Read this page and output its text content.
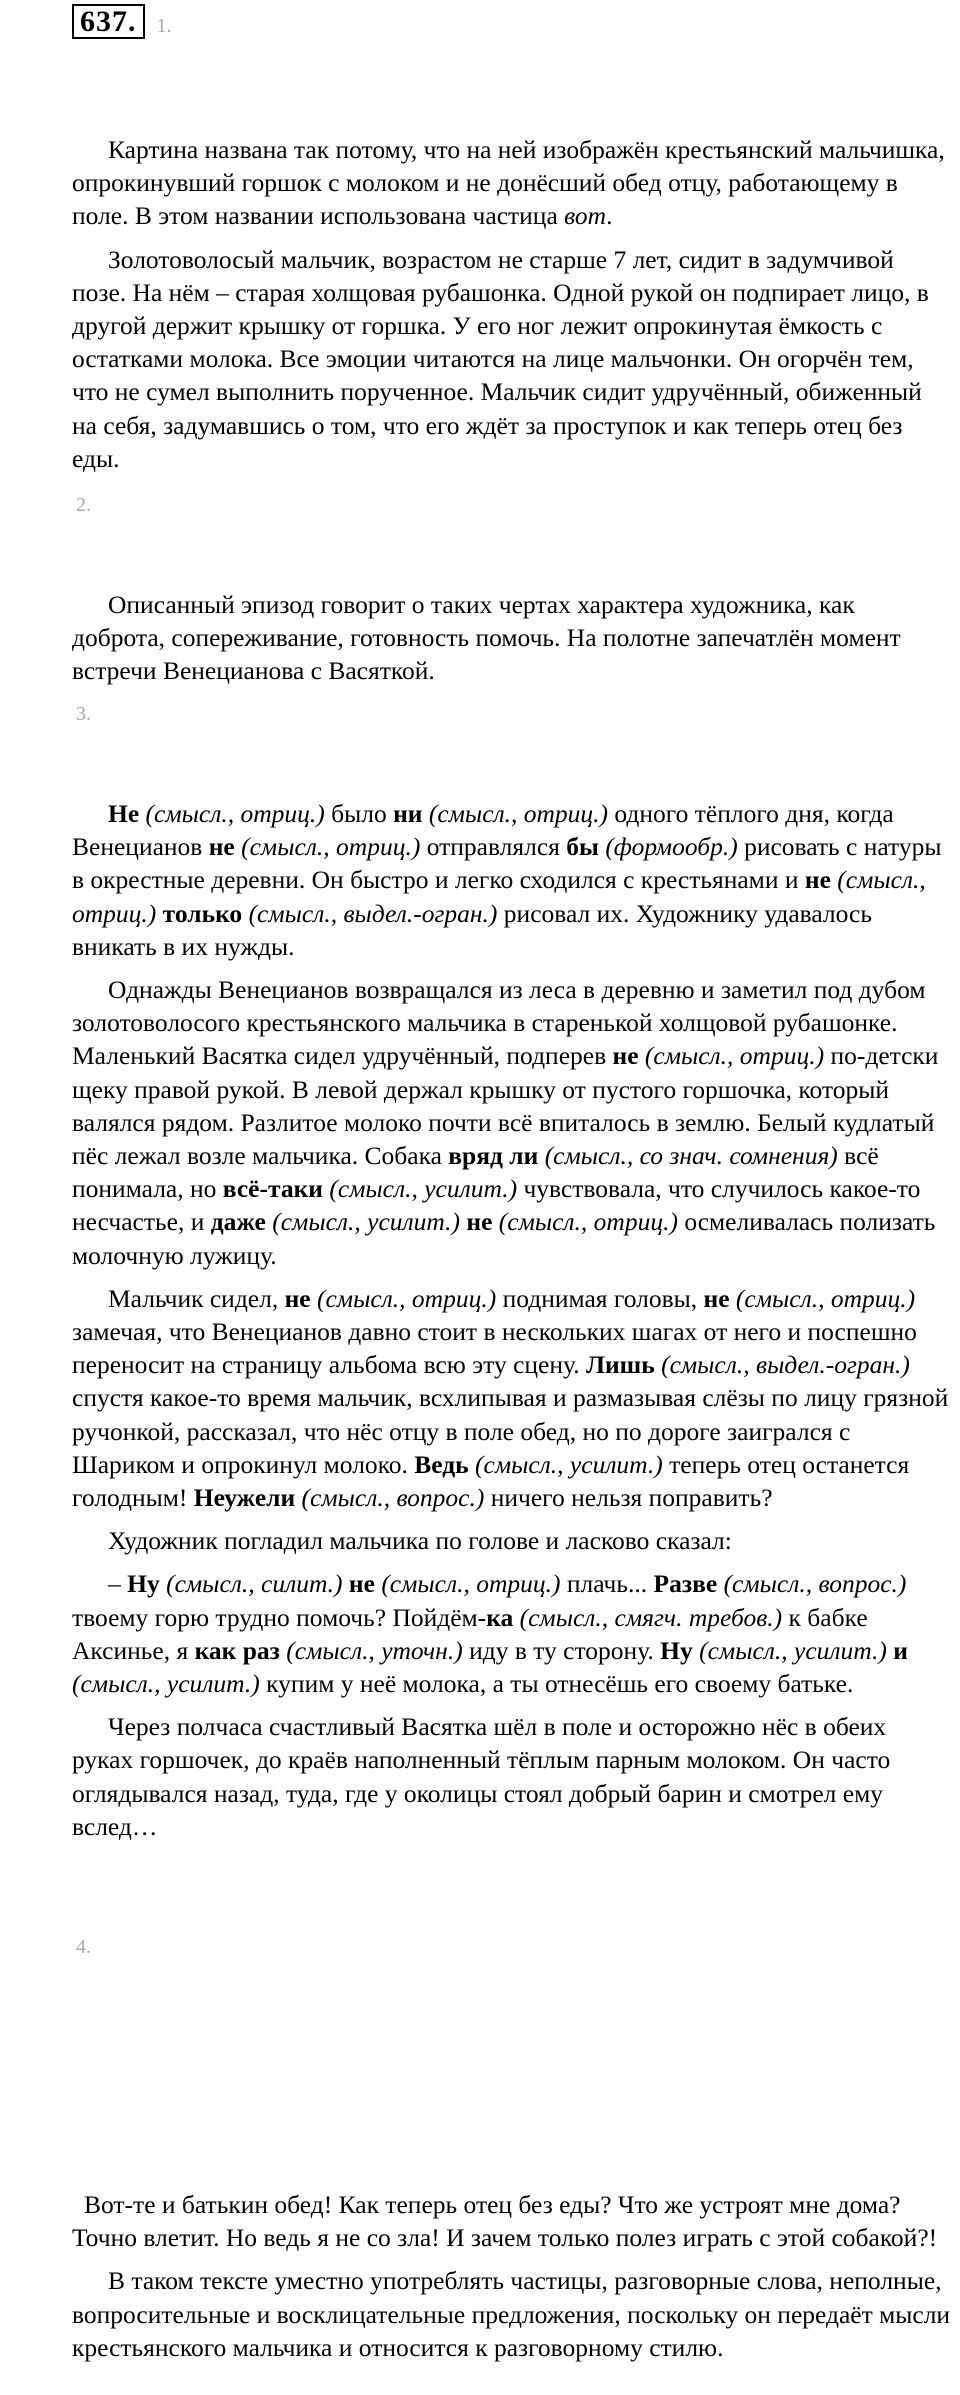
637.	1.

Картина названа так потому, что на ней изображён крестьянский мальчишка, опрокинувший горшок с молоком и не донёсший обед отцу, работающему в поле. В этом названии использована частица вот.

Золотоволосый мальчик, возрастом не старше 7 лет, сидит в задумчивой позе. На нём – старая холщовая рубашонка. Одной рукой он подпирает лицо, в другой держит крышку от горшка. У его ног лежит опрокинутая ёмкость с остатками молока. Все эмоции читаются на лице мальчонки. Он огорчён тем, что не сумел выполнить порученное. Мальчик сидит удручённый, обиженный на себя, задумавшись о том, что его ждёт за проступок и как теперь отец без еды.

2.

Описанный эпизод говорит о таких чертах характера художника, как доброта, сопереживание, готовность помочь. На полотне запечатлён момент встречи Венецианова с Васяткой.

3.

Не (смысл., отриц.) было ни (смысл., отриц.) одного тёплого дня, когда Венецианов не (смысл., отриц.) отправлялся бы (формообр.) рисовать с натуры в окрестные деревни. Он быстро и легко сходился с крестьянами и не (смысл., отриц.) только (смысл., выдел.-огран.) рисовал их. Художнику удавалось вникать в их нужды.

Однажды Венецианов возвращался из леса в деревню и заметил под дубом золотоволосого крестьянского мальчика в старенькой холщовой рубашонке. Маленький Васятка сидел удручённый, подперев не (смысл., отриц.) по-детски щеку правой рукой. В левой держал крышку от пустого горшочка, который валялся рядом. Разлитое молоко почти всё впиталось в землю. Белый кудлатый пёс лежал возле мальчика. Собака вряд ли (смысл., со знач. сомнения) всё понимала, но всё-таки (смысл., усилит.) чувствовала, что случилось какое-то несчастье, и даже (смысл., усилит.) не (смысл., отриц.) осмеливалась полизать молочную лужицу.

Мальчик сидел, не (смысл., отриц.) поднимая головы, не (смысл., отриц.) замечая, что Венецианов давно стоит в нескольких шагах от него и поспешно переносит на страницу альбома всю эту сцену. Лишь (смысл., выдел.-огран.) спустя какое-то время мальчик, всхлипывая и размазывая слёзы по лицу грязной ручонкой, рассказал, что нёс отцу в поле обед, но по дороге заигрался с Шариком и опрокинул молоко. Ведь (смысл., усилит.) теперь отец останется голодным! Неужели (смысл., вопрос.) ничего нельзя поправить?

Художник погладил мальчика по голове и ласково сказал:

– Ну (смысл., силит.) не (смысл., отриц.) плачь... Разве (смысл., вопрос.) твоему горю трудно помочь? Пойдём-ка (смысл., смягч. требов.) к бабке Аксинье, я как раз (смысл., уточн.) иду в ту сторону. Ну (смысл., усилит.) и (смысл., усилит.) купим у неё молока, а ты отнесёшь его своему батьке.

Через полчаса счастливый Васятка шёл в поле и осторожно нёс в обеих руках горшочек, до краёв наполненный тёплым парным молоком. Он часто оглядывался назад, туда, где у околицы стоял добрый барин и смотрел ему вслед…

4.

Вот-те и батькин обед! Как теперь отец без еды? Что же устроят мне дома? Точно влетит. Но ведь я не со зла! И зачем только полез играть с этой собакой?!

В таком тексте уместно употреблять частицы, разговорные слова, неполные, вопросительные и восклицательные предложения, поскольку он передаёт мысли крестьянского мальчика и относится к разговорному стилю.
